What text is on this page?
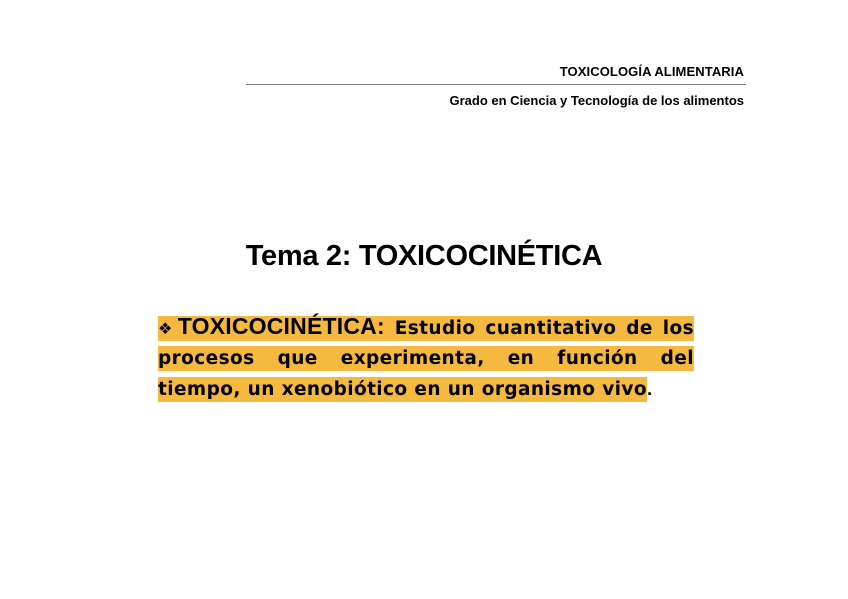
TOXICOLOGÍA ALIMENTARIA
Grado en Ciencia y Tecnología de los alimentos
Tema 2: TOXICOCINÉTICA
❖TOXICOCINÉTICA: Estudio cuantitativo de los procesos que experimenta, en función del tiempo, un xenobiótico en un organismo vivo.
